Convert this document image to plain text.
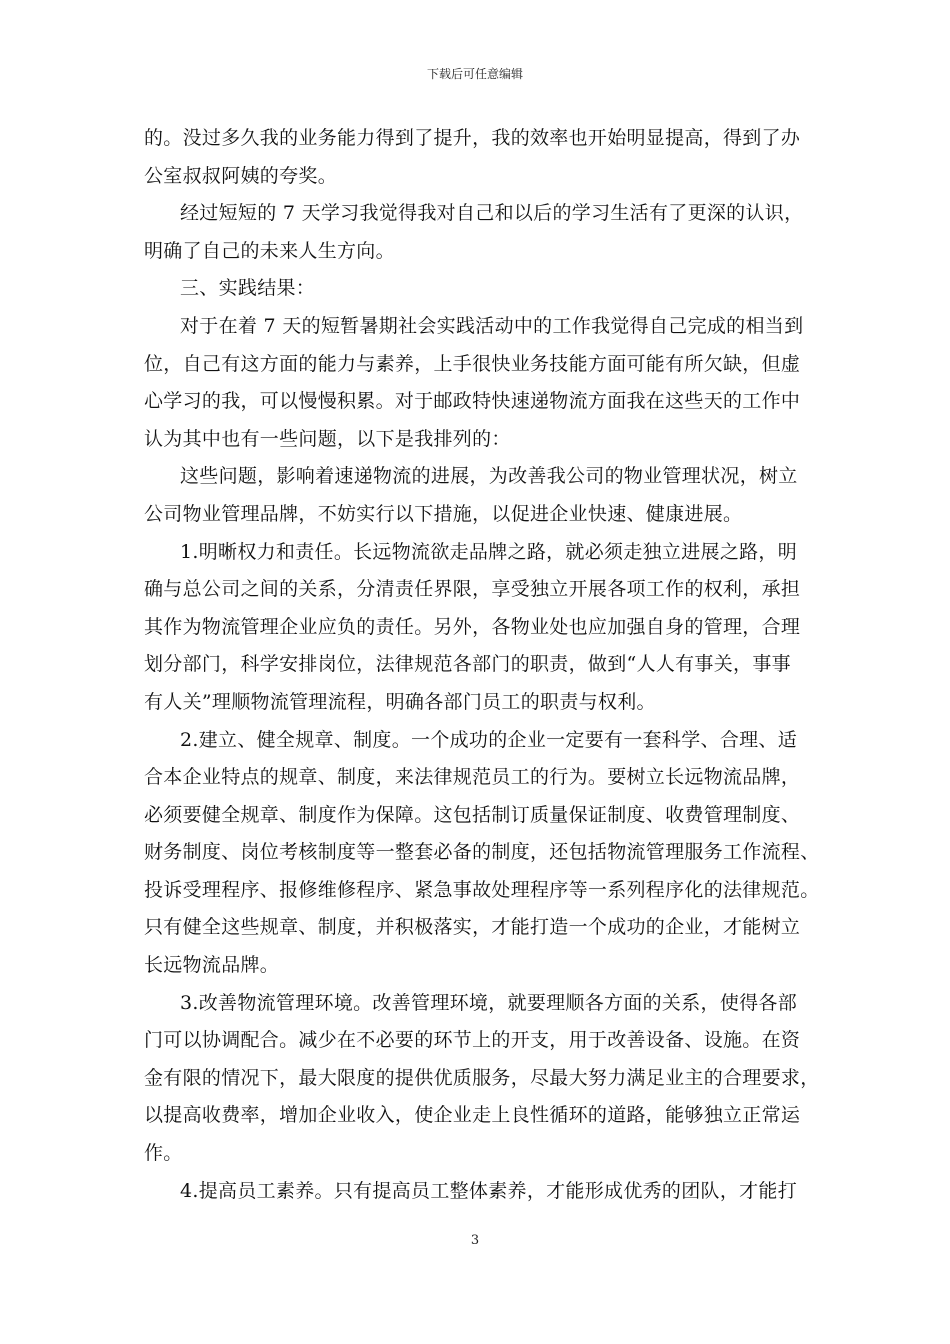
下载后可任意编辑

的。没过多久我的业务能力得到了提升，我的效率也开始明显提高，得到了办
公室叔叔阿姨的夸奖。

经过短短的 7 天学习我觉得我对自己和以后的学习生活有了更深的认识，
明确了自己的未来人生方向。

三、实践结果：

对于在着 7 天的短暂暑期社会实践活动中的工作我觉得自己完成的相当到
位，自己有这方面的能力与素养，上手很快业务技能方面可能有所欠缺，但虚
心学习的我，可以慢慢积累。对于邮政特快速递物流方面我在这些天的工作中
认为其中也有一些问题，以下是我排列的：

这些问题，影响着速递物流的进展，为改善我公司的物业管理状况，树立
公司物业管理品牌，不妨实行以下措施，以促进企业快速、健康进展。

1.明晰权力和责任。长远物流欲走品牌之路，就必须走独立进展之路，明
确与总公司之间的关系，分清责任界限，享受独立开展各项工作的权利，承担
其作为物流管理企业应负的责任。另外，各物业处也应加强自身的管理，合理
划分部门，科学安排岗位，法律规范各部门的职责，做到“人人有事关，事事
有人关”理顺物流管理流程，明确各部门员工的职责与权利。

2.建立、健全规章、制度。一个成功的企业一定要有一套科学、合理、适
合本企业特点的规章、制度，来法律规范员工的行为。要树立长远物流品牌，
必须要健全规章、制度作为保障。这包括制订质量保证制度、收费管理制度、
财务制度、岗位考核制度等一整套必备的制度，还包括物流管理服务工作流程、
投诉受理程序、报修维修程序、紧急事故处理程序等一系列程序化的法律规范。
只有健全这些规章、制度，并积极落实，才能打造一个成功的企业，才能树立
长远物流品牌。

3.改善物流管理环境。改善管理环境，就要理顺各方面的关系，使得各部
门可以协调配合。减少在不必要的环节上的开支，用于改善设备、设施。在资
金有限的情况下，最大限度的提供优质服务，尽最大努力满足业主的合理要求，
以提高收费率，增加企业收入，使企业走上良性循环的道路，能够独立正常运
作。

4.提高员工素养。只有提高员工整体素养，才能形成优秀的团队，才能打

3
